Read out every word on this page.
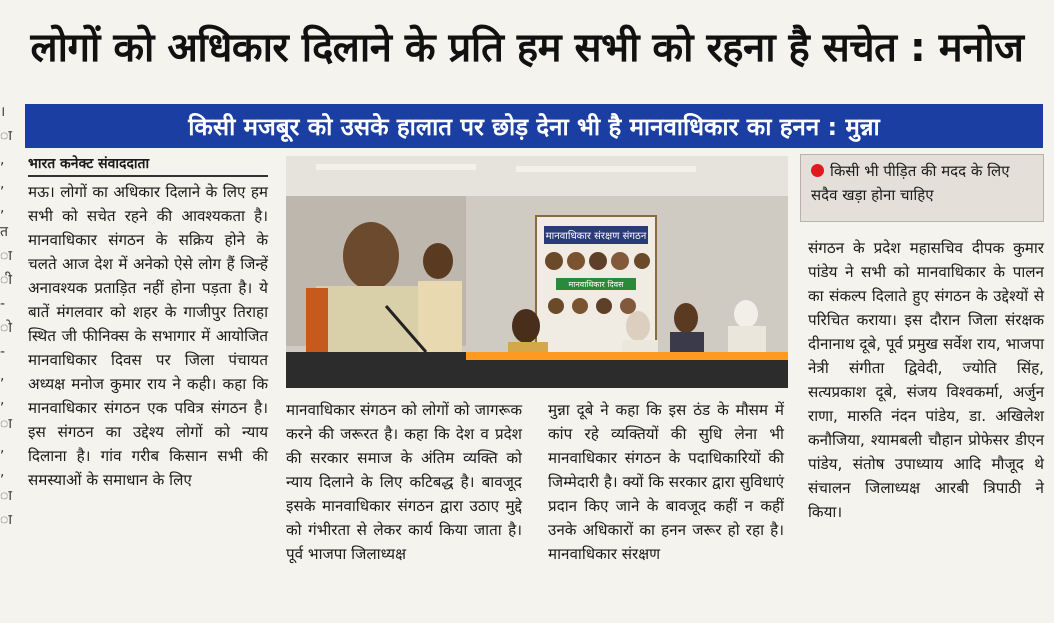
लोगों को अधिकार दिलाने के प्रति हम सभी को रहना है सचेत : मनोज
किसी मजबूर को उसके हालात पर छोड़ देना भी है मानवाधिकार का हनन : मुन्ना
।
ा
,
,
,
त
ा
ी
-
ो
-
,
,
ा
,
,
ा
ा
भारत कनेक्ट संवाददाता

मऊ। लोगों का अधिकार दिलाने के लिए हम सभी को सचेत रहने की आवश्यकता है। मानवाधिकार संगठन के सक्रिय होने के चलते आज देश में अनेको ऐसे लोग हैं जिन्हें अनावश्यक प्रताड़ित नहीं होना पड़ता है। ये बातें मंगलवार को शहर के गाजीपुर तिराहा स्थित जी फीनिक्स के सभागार में आयोजित मानवाधिकार दिवस पर जिला पंचायत अध्यक्ष मनोज कुमार राय ने कही। कहा कि मानवाधिकार संगठन एक पवित्र संगठन है। इस संगठन का उद्देश्य लोगों को न्याय दिलाना है। गांव गरीब किसान सभी की समस्याओं के समाधान के लिए

मानवाधिकार संरक्षण संगठन
मानवाधिकार दिवस
किसी भी पीड़ित की मदद के लिए सदैव खड़ा होना चाहिए

मानवाधिकार संगठन को लोगों को जागरूक करने की जरूरत है। कहा कि देश व प्रदेश की सरकार समाज के अंतिम व्यक्ति को न्याय दिलाने के लिए कटिबद्ध है। बावजूद इसके मानवाधिकार संगठन द्वारा उठाए मुद्दे को गंभीरता से लेकर कार्य किया जाता है। पूर्व भाजपा जिलाध्यक्ष

मुन्ना दूबे ने कहा कि इस ठंड के मौसम में कांप रहे व्यक्तियों की सुधि लेना भी मानवाधिकार संगठन के पदाधिकारियों की जिम्मेदारी है। क्यों कि सरकार द्वारा सुविधाएं प्रदान किए जाने के बावजूद कहीं न कहीं उनके अधिकारों का हनन जरूर हो रहा है। मानवाधिकार संरक्षण

संगठन के प्रदेश महासचिव दीपक कुमार पांडेय ने सभी को मानवाधिकार के पालन का संकल्प दिलाते हुए संगठन के उद्देश्यों से परिचित कराया। इस दौरान जिला संरक्षक दीनानाथ दूबे, पूर्व प्रमुख सर्वेश राय, भाजपा नेत्री संगीता द्विवेदी, ज्योति सिंह, सत्यप्रकाश दूबे, संजय विश्वकर्मा, अर्जुन राणा, मारुति नंदन पांडेय, डा. अखिलेश कनौजिया, श्यामबली चौहान प्रोफेसर डीएन पांडेय, संतोष उपाध्याय आदि मौजूद थे संचालन जिलाध्यक्ष आरबी त्रिपाठी ने किया।
